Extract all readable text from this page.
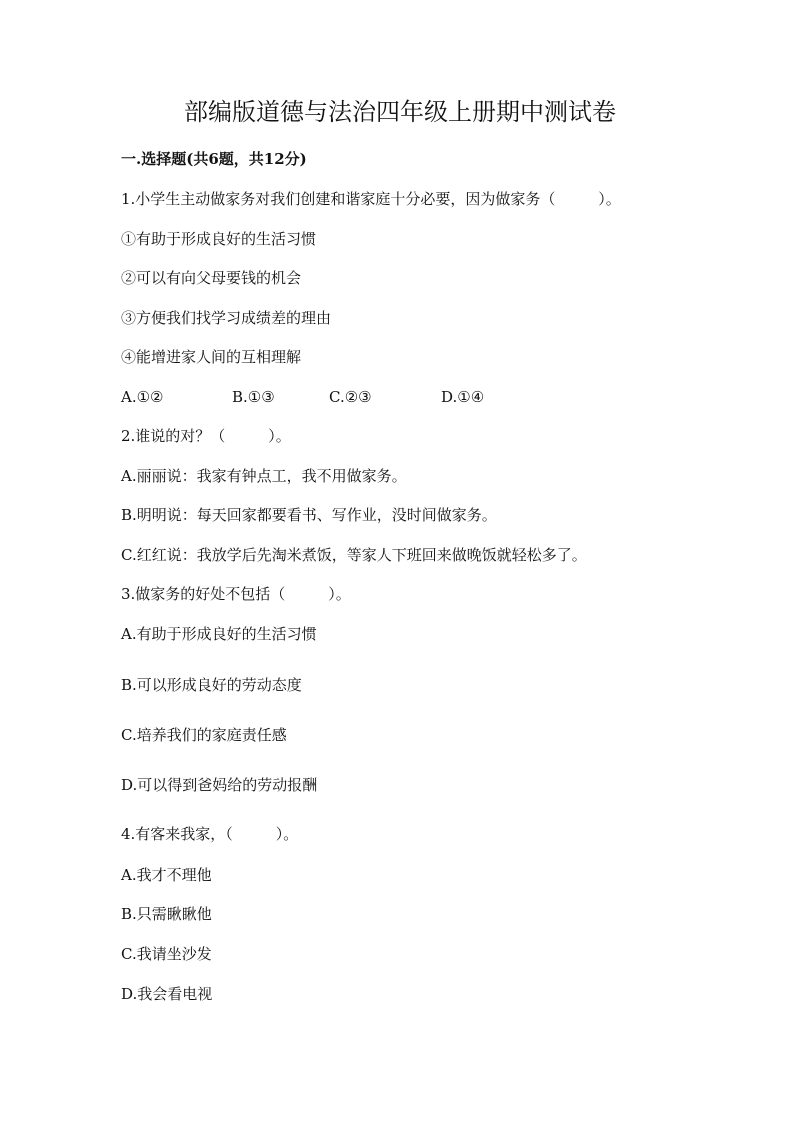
部编版道德与法治四年级上册期中测试卷
一.选择题(共6题，共12分)
1.小学生主动做家务对我们创建和谐家庭十分必要，因为做家务（         ）。
①有助于形成良好的生活习惯
②可以有向父母要钱的机会
③方便我们找学习成绩差的理由
④能增进家人间的互相理解
A.①②	B.①③	C.②③	D.①④
2.谁说的对？（         ）。
A.丽丽说：我家有钟点工，我不用做家务。
B.明明说：每天回家都要看书、写作业，没时间做家务。
C.红红说：我放学后先淘米煮饭，等家人下班回来做晚饭就轻松多了。
3.做家务的好处不包括（         ）。
A.有助于形成良好的生活习惯
B.可以形成良好的劳动态度
C.培养我们的家庭责任感
D.可以得到爸妈给的劳动报酬
4.有客来我家，（         ）。
A.我才不理他
B.只需瞅瞅他
C.我请坐沙发
D.我会看电视
